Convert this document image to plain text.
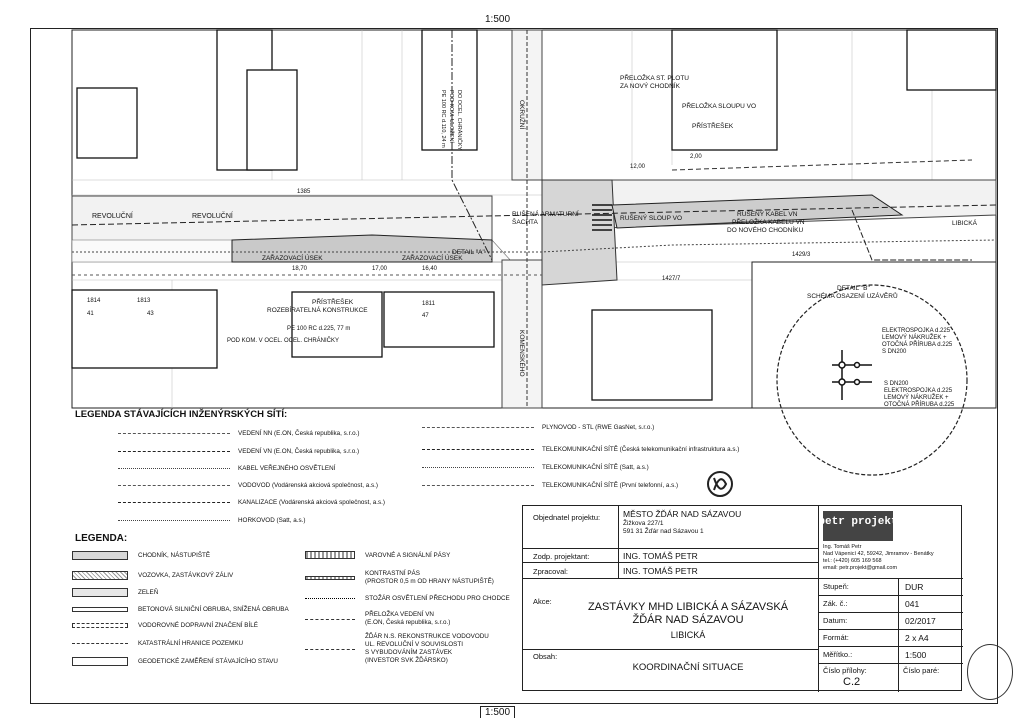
1:500
1:500
REVOLUČNÍ	REVOLUČNÍ
LIBICKÁ
KOMENSKÉHO
OKRUŽNÍ
PŘELOŽKA ST. PLOTU
ZA NOVÝ CHODNÍK
PŘELOŽKA SLOUPU VO
PŘÍSTŘEŠEK
RUŠENÁ ARMATURNÍ
ŠACHTA
RUŠENÝ SLOUP VO
RUŠENÝ KABEL VN
PŘELOŽKA KABELU VN
DO NOVÉHO CHODNÍKU
ZAŘAZOVACÍ ÚSEK	ZAŘAZOVACÍ ÚSEK
PŘÍSTŘEŠEK
ROZEBÍRATELNÁ KONSTRUKCE
PE 100 RC d.225, 77 m
POD KOM. V OCEL. OCEL. CHRÁNIČKY
PE 100 RC d.110, 24 m POD KOM. ULOŽENÍ DO OCEL. CHRÁNIČKY
DETAIL "A"
DETAIL "B"
SCHÉMA OSAZENÍ UZÁVĚRŮ
ELEKTROSPOJKA d.225
LEMOVÝ NÁKRUŽEK +
OTOČNÁ PŘÍRUBA d.225
S DN200
S DN200
ELEKTROSPOJKA d.225
LEMOVÝ NÁKRUŽEK +
OTOČNÁ PŘÍRUBA d.225
1385
1814	1813	1811
1427/7
1429/3
41	43	47
12,00
2,00
18,70	17,00	16,40
LEGENDA STÁVAJÍCÍCH INŽENÝRSKÝCH SÍTÍ:
VEDENÍ NN (E.ON, Česká republika, s.r.o.)
VEDENÍ VN (E.ON, Česká republika, s.r.o.)
KABEL VEŘEJNÉHO OSVĚTLENÍ
VODOVOD (Vodárenská akciová společnost, a.s.)
KANALIZACE (Vodárenská akciová společnost, a.s.)
HORKOVOD (Satt, a.s.)
PLYNOVOD - STL (RWE GasNet, s.r.o.)
TELEKOMUNIKAČNÍ SÍTĚ (Česká telekomunikační infrastruktura a.s.)
TELEKOMUNIKAČNÍ SÍTĚ (Satt, a.s.)
TELEKOMUNIKAČNÍ SÍTĚ (První telefonní, a.s.)
LEGENDA:
CHODNÍK, NÁSTUPIŠTĚ
VOZOVKA, ZASTÁVKOVÝ ZÁLIV
ZELEŇ
BETONOVÁ SILNIČNÍ OBRUBA, SNÍŽENÁ OBRUBA
VODOROVNÉ DOPRAVNÍ ZNAČENÍ BÍLÉ
KATASTRÁLNÍ HRANICE POZEMKU
GEODETICKÉ ZAMĚŘENÍ STÁVAJÍCÍHO STAVU
VAROVNÉ A SIGNÁLNÍ PÁSY
KONTRASTNÍ PÁS
(PROSTOR 0,5 m OD HRANY NÁSTUPIŠTĚ)
STOŽÁR OSVĚTLENÍ PŘECHODU PRO CHODCE
PŘELOŽKA VEDENÍ VN
(E.ON, Česká republika, s.r.o.)
ŽĎÁR N.S. REKONSTRUKCE VODOVODU
UL. REVOLUČNÍ V SOUVISLOSTI
S VYBUDOVÁNÍM ZASTÁVEK
(INVESTOR SVK ŽĎÁRSKO)
Objednatel projektu:	MĚSTO ŽĎÁR NAD SÁZAVOU
Žižkova 227/1
591 31 Žďár nad Sázavou 1
petr projekt
Ing. Tomáš Petr
Nad Vápenicí 42, 59242, Jimramov - Benátky
tel.: (+420) 605 169 568
email: petr.projekt@gmail.com
Zodp. projektant:	ING. TOMÁŠ PETR
Zpracoval:	ING. TOMÁŠ PETR
Akce:	ZASTÁVKY MHD LIBICKÁ A SÁZAVSKÁ
ŽĎÁR NAD SÁZAVOU
LIBICKÁ
Obsah:
KOORDINAČNÍ SITUACE
Stupeň:	DUR
Zák. č.:	041
Datum:	02/2017
Formát:	2 x A4
Měřítko.:	1:500
Číslo přílohy:
C.2
Číslo paré:
